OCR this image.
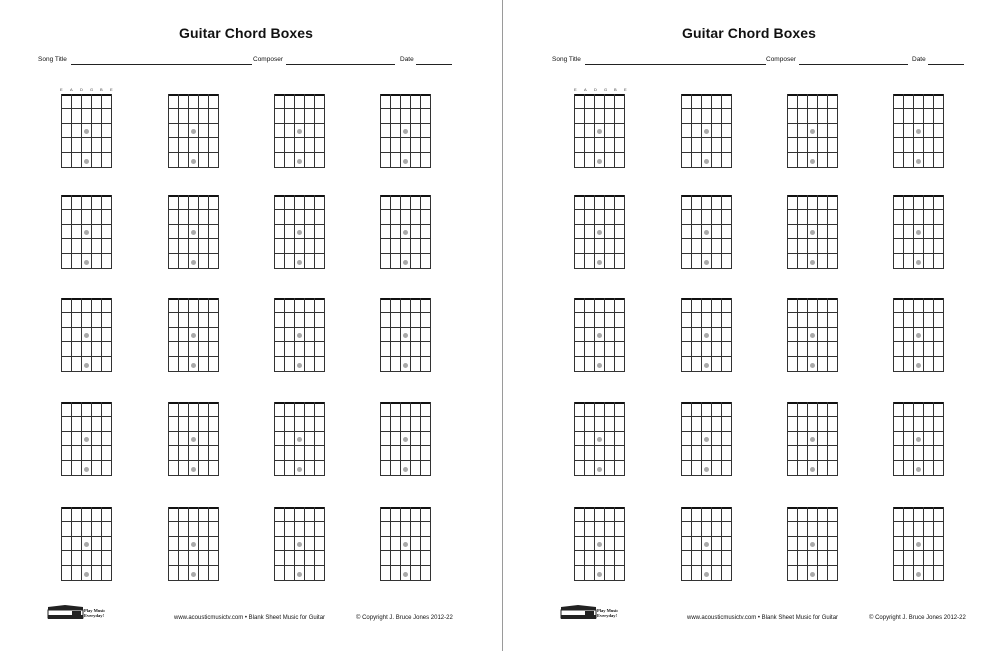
Guitar Chord Boxes
Song Title	Composer	Date
E A D G B E
Play Music
Everyday!	www.acousticmusictv.com • Blank Sheet Music for Guitar	© Copyright J. Bruce Jones 2012-22
Guitar Chord Boxes
Song Title	Composer	Date
E A D G B E
Play Music
Everyday!	www.acousticmusictv.com • Blank Sheet Music for Guitar	© Copyright J. Bruce Jones 2012-22
